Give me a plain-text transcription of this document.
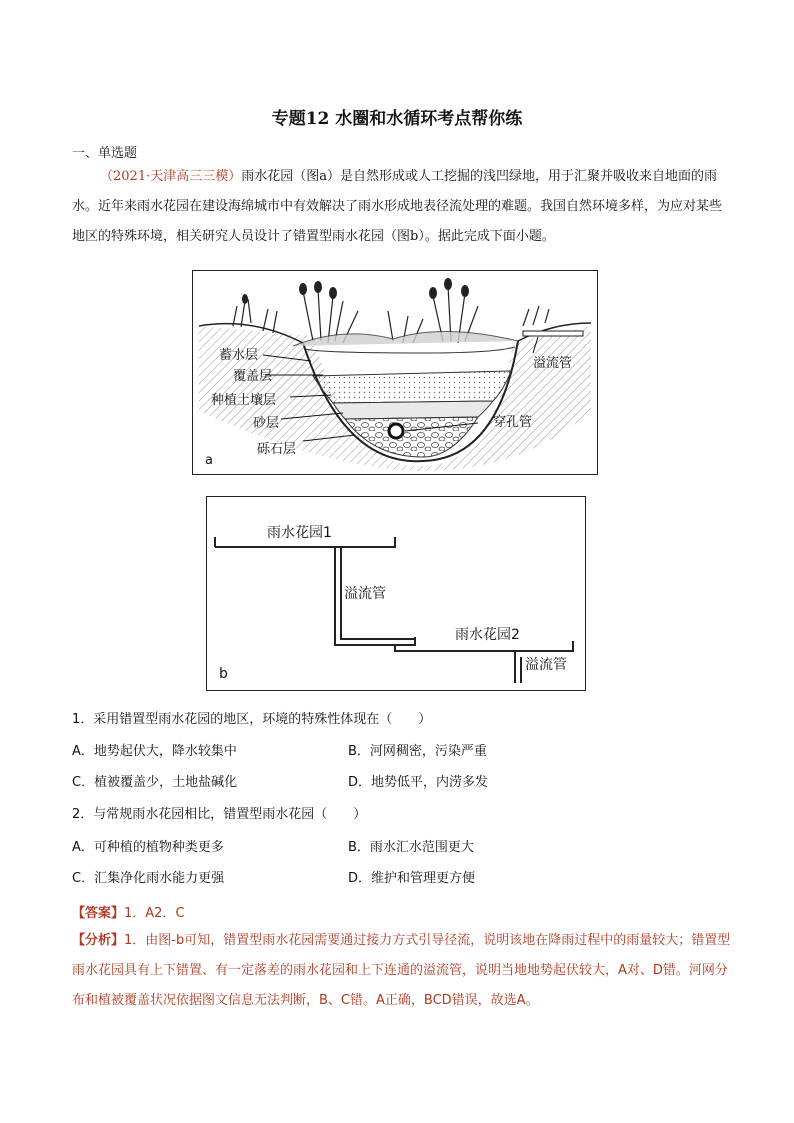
专题12 水圈和水循环考点帮你练
一、单选题
（2021·天津高三三模）雨水花园（图a）是自然形成或人工挖掘的浅凹绿地，用于汇聚并吸收来自地面的雨水。近年来雨水花园在建设海绵城市中有效解决了雨水形成地表径流处理的难题。我国自然环境多样，为应对某些地区的特殊环境，相关研究人员设计了错置型雨水花园（图b）。据此完成下面小题。
蓄水层
覆盖层
种植土壤层
砂层
砾石层
穿孔管
溢流管
a
雨水花园1
溢流管
雨水花园2
溢流管
b
1．采用错置型雨水花园的地区，环境的特殊性体现在（　　）
A．地势起伏大，降水较集中	B．河网稠密，污染严重
C．植被覆盖少，土地盐碱化	D．地势低平，内涝多发
2．与常规雨水花园相比，错置型雨水花园（　　）
A．可种植的植物种类更多	B．雨水汇水范围更大
C．汇集净化雨水能力更强	D．维护和管理更方便
【答案】1．A2．C
【分析】1．由图-b可知，错置型雨水花园需要通过接力方式引导径流，说明该地在降雨过程中的雨量较大；错置型雨水花园具有上下错置、有一定落差的雨水花园和上下连通的溢流管，说明当地地势起伏较大，A对、D错。河网分布和植被覆盖状况依据图文信息无法判断，B、C错。A正确，BCD错误，故选A。
